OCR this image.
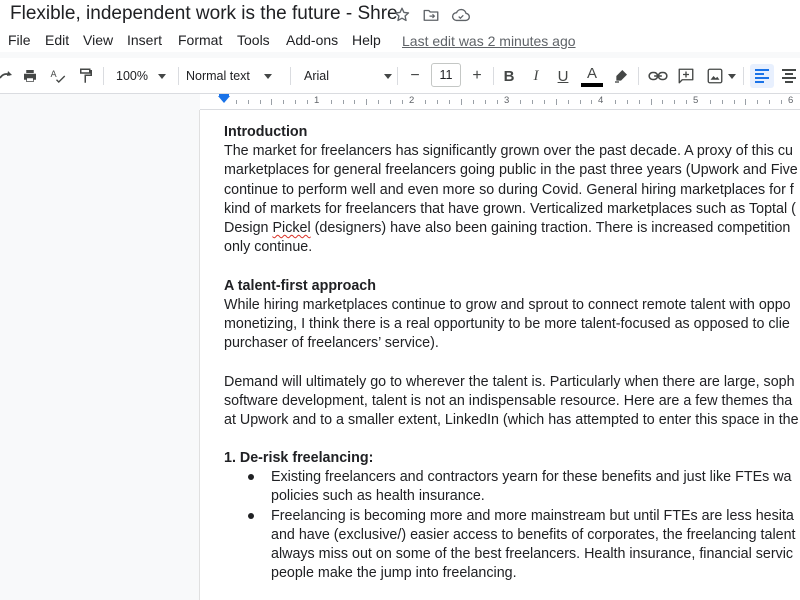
Flexible, independent work is the future - Shre
File Edit View Insert Format Tools Add-ons Help Last edit was 2 minutes ago
A	100%	Normal text	Arial	−	+	B	I	U	A
11
1	2	3	4	5	6
Introduction
The market for freelancers has significantly grown over the past decade. A proxy of this cu
marketplaces for general freelancers going public in the past three years (Upwork and Five
continue to perform well and even more so during Covid. General hiring marketplaces for f
kind of markets for freelancers that have grown. Verticalized marketplaces such as Toptal (
Design Pickel (designers) have also been gaining traction. There is increased competition
only continue.
A talent-first approach
While hiring marketplaces continue to grow and sprout to connect remote talent with oppo
monetizing, I think there is a real opportunity to be more talent-focused as opposed to clie
purchaser of freelancers’ service).
Demand will ultimately go to wherever the talent is. Particularly when there are large, soph
software development, talent is not an indispensable resource. Here are a few themes tha
at Upwork and to a smaller extent, LinkedIn (which has attempted to enter this space in the
1. De-risk freelancing:
Existing freelancers and contractors yearn for these benefits and just like FTEs wa
policies such as health insurance.
Freelancing is becoming more and more mainstream but until FTEs are less hesita
and have (exclusive/) easier access to benefits of corporates, the freelancing talent
always miss out on some of the best freelancers. Health insurance, financial servic
people make the jump into freelancing.
